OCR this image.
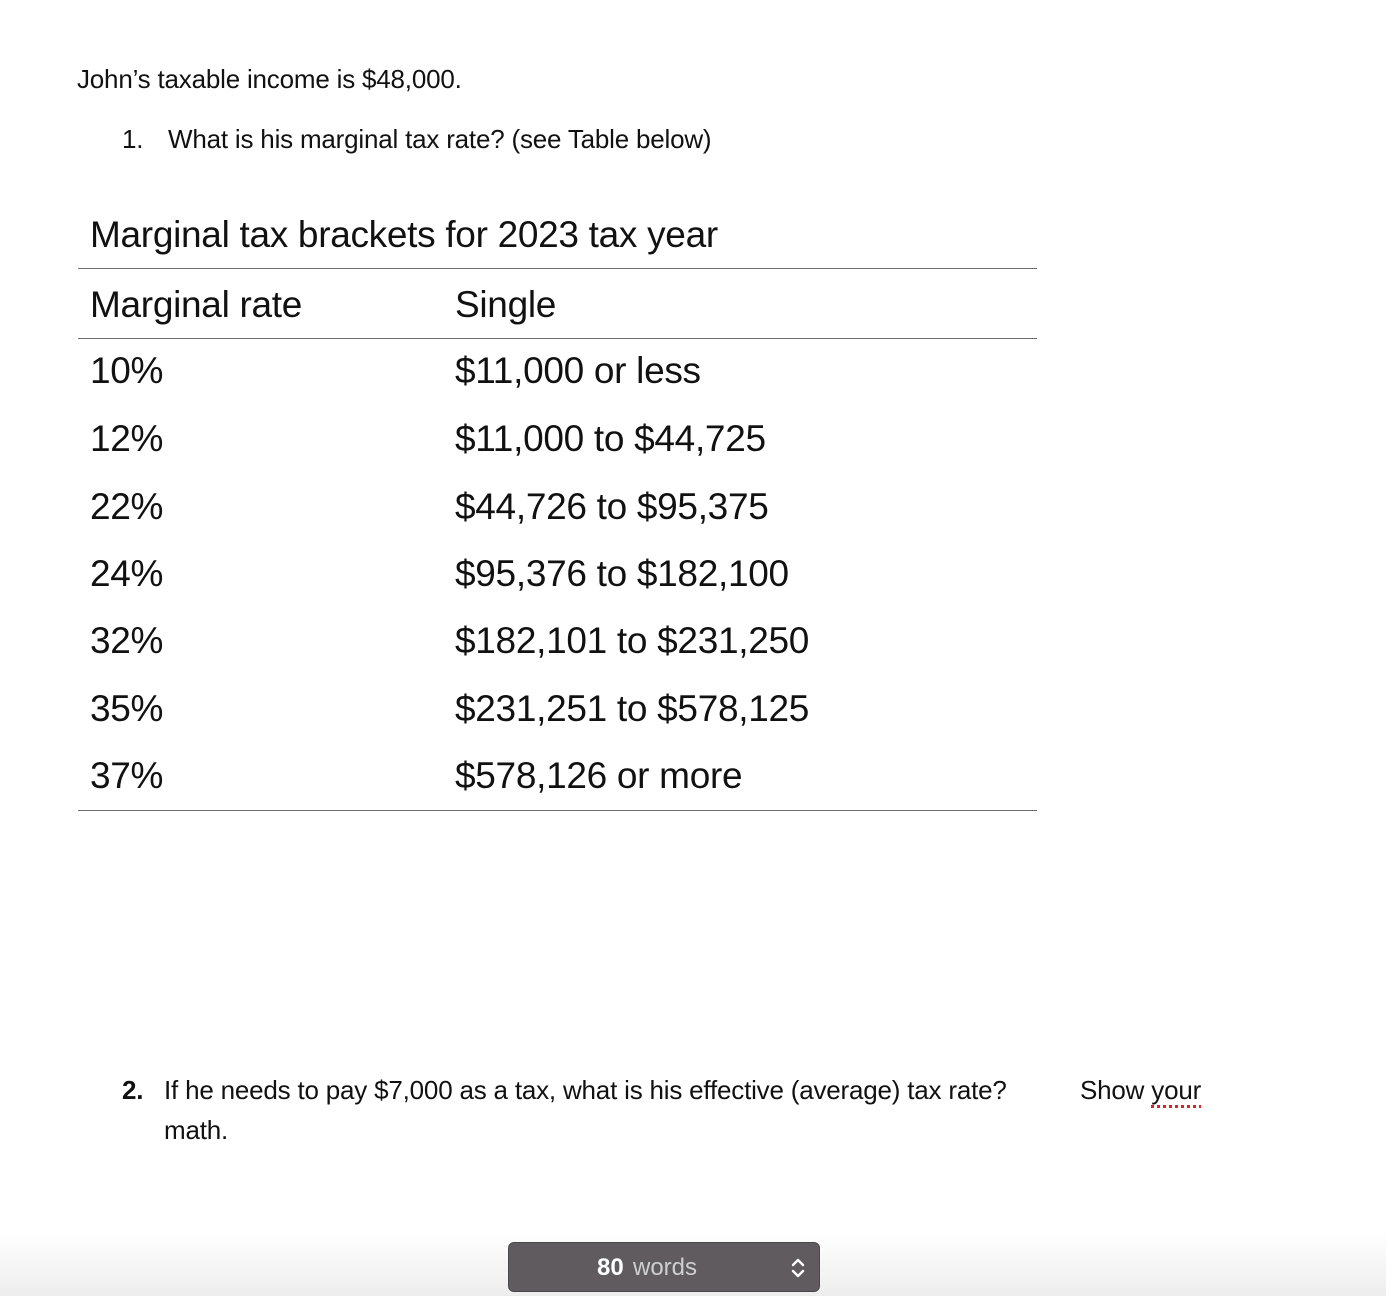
John’s taxable income is $48,000.
1. What is his marginal tax rate? (see Table below)
Marginal tax brackets for 2023 tax year
Marginal rate	Single
10%	$11,000 or less
12%	$11,000 to $44,725
22%	$44,726 to $95,375
24%	$95,376 to $182,100
32%	$182,101 to $231,250
35%	$231,251 to $578,125
37%	$578,126 or more
2. If he needs to pay $7,000 as a tax, what is his effective (average) tax rate?	Show your
math.
80 words
